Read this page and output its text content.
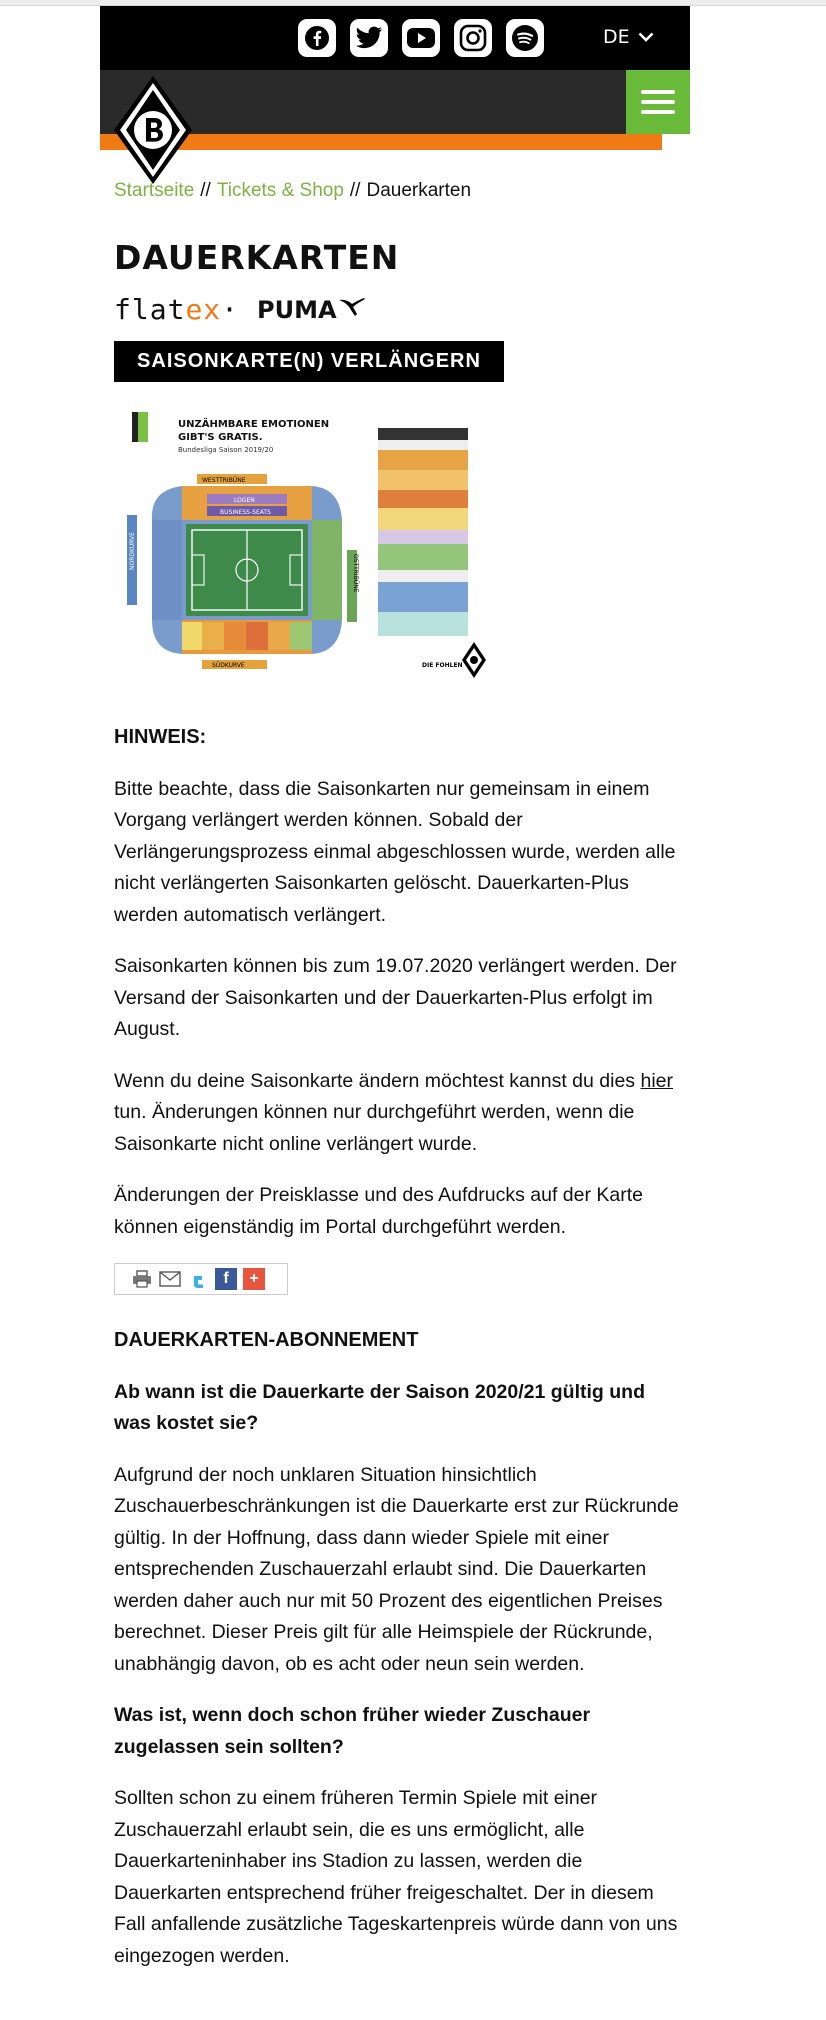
DE
Startseite // Tickets & Shop // Dauerkarten
DAUERKARTEN
flatex· PUMA
SAISONKARTE(N) VERLÄNGERN
UNZÄHMBARE EMOTIONEN
GIBT'S GRATIS.
Bundesliga Saison 2019/20
WESTTRIBÜNE
NORDKURVE
OSTTRIBÜNE
LOGEN
BUSINESS-SEATS
SÜDKURVE	DIE FOHLEN
HINWEIS:

Bitte beachte, dass die Saisonkarten nur gemeinsam in einem Vorgang verlängert werden können. Sobald der Verlängerungsprozess einmal abgeschlossen wurde, werden alle nicht verlängerten Saisonkarten gelöscht. Dauerkarten-Plus werden automatisch verlängert.

Saisonkarten können bis zum 19.07.2020 verlängert werden. Der Versand der Saisonkarten und der Dauerkarten-Plus erfolgt im August.

Wenn du deine Saisonkarte ändern möchtest kannst du dies hier tun. Änderungen können nur durchgeführt werden, wenn die Saisonkarte nicht online verlängert wurde.

Änderungen der Preisklasse und des Aufdrucks auf der Karte können eigenständig im Portal durchgeführt werden.

f	+
DAUERKARTEN-ABONNEMENT
Ab wann ist die Dauerkarte der Saison 2020/21 gültig und was kostet sie?

Aufgrund der noch unklaren Situation hinsichtlich Zuschauerbeschränkungen ist die Dauerkarte erst zur Rückrunde gültig. In der Hoffnung, dass dann wieder Spiele mit einer entsprechenden Zuschauerzahl erlaubt sind. Die Dauerkarten werden daher auch nur mit 50 Prozent des eigentlichen Preises berechnet. Dieser Preis gilt für alle Heimspiele der Rückrunde, unabhängig davon, ob es acht oder neun sein werden.

Was ist, wenn doch schon früher wieder Zuschauer zugelassen sein sollten?

Sollten schon zu einem früheren Termin Spiele mit einer Zuschauerzahl erlaubt sein, die es uns ermöglicht, alle Dauerkarteninhaber ins Stadion zu lassen, werden die Dauerkarten entsprechend früher freigeschaltet. Der in diesem Fall anfallende zusätzliche Tageskartenpreis würde dann von uns eingezogen werden.
